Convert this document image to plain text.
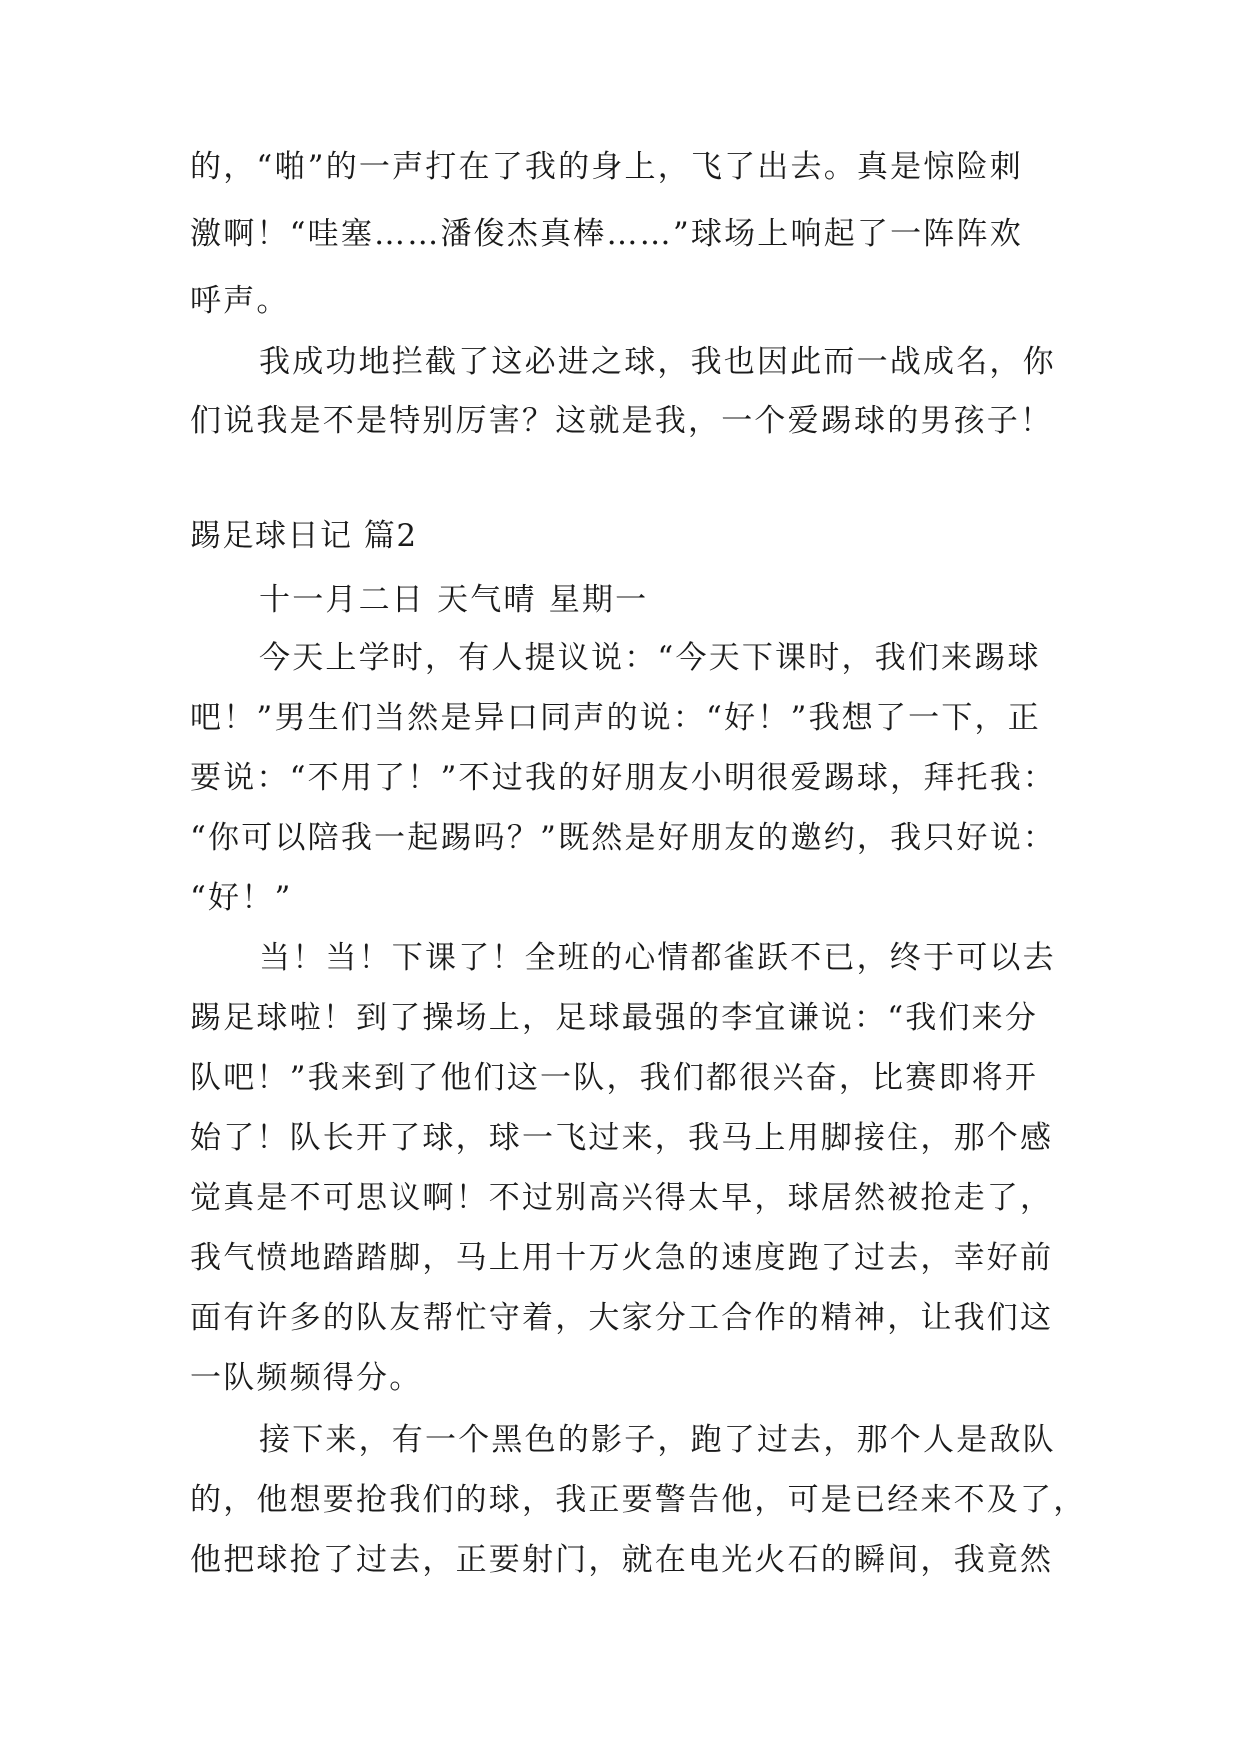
的，“啪”的一声打在了我的身上，飞了出去。真是惊险刺
激啊！“哇塞……潘俊杰真棒……”球场上响起了一阵阵欢
呼声。
我成功地拦截了这必进之球，我也因此而一战成名，你
们说我是不是特别厉害？这就是我，一个爱踢球的男孩子！
踢足球日记 篇2
十一月二日 天气晴 星期一
今天上学时，有人提议说：“今天下课时，我们来踢球
吧！”男生们当然是异口同声的说：“好！”我想了一下，正
要说：“不用了！”不过我的好朋友小明很爱踢球，拜托我：
“你可以陪我一起踢吗？”既然是好朋友的邀约，我只好说：
“好！”
当！当！下课了！全班的心情都雀跃不已，终于可以去
踢足球啦！到了操场上，足球最强的李宜谦说：“我们来分
队吧！”我来到了他们这一队，我们都很兴奋，比赛即将开
始了！队长开了球，球一飞过来，我马上用脚接住，那个感
觉真是不可思议啊！不过别高兴得太早，球居然被抢走了，
我气愤地踏踏脚，马上用十万火急的速度跑了过去，幸好前
面有许多的队友帮忙守着，大家分工合作的精神，让我们这
一队频频得分。
接下来，有一个黑色的影子，跑了过去，那个人是敌队
的，他想要抢我们的球，我正要警告他，可是已经来不及了，
他把球抢了过去，正要射门，就在电光火石的瞬间，我竟然
